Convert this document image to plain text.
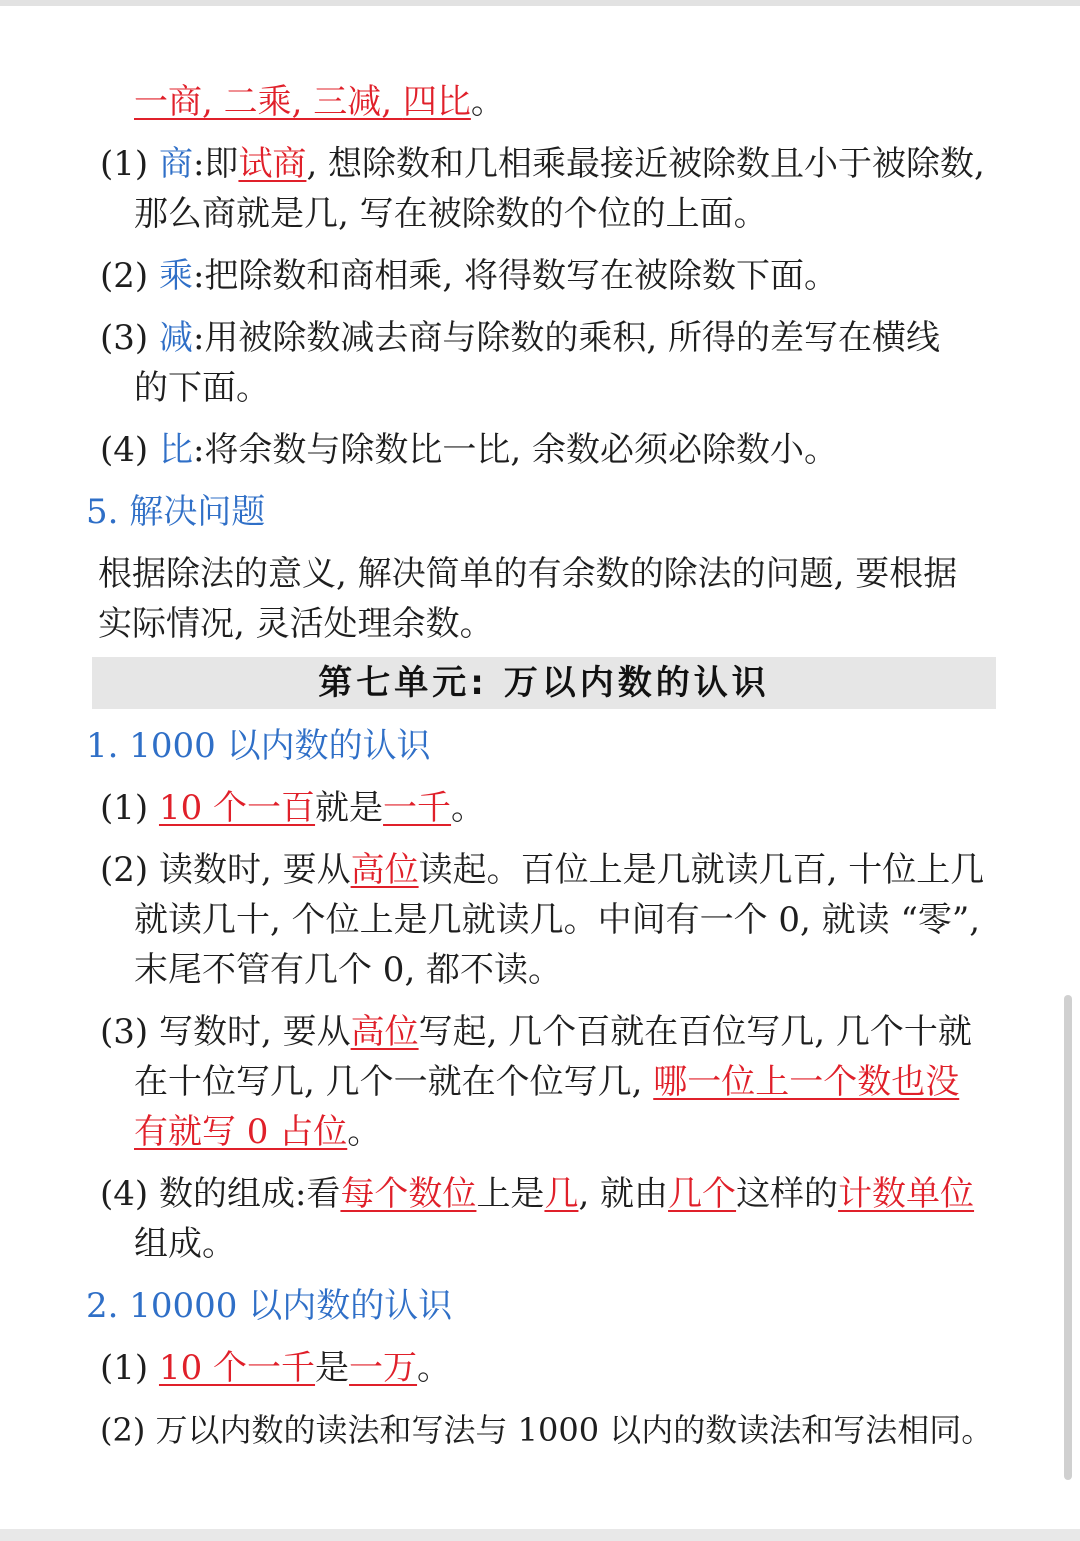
一商, 二乘, 三减, 四比。
(1) 商:即试商, 想除数和几相乘最接近被除数且小于被除数,
那么商就是几, 写在被除数的个位的上面。
(2) 乘:把除数和商相乘, 将得数写在被除数下面。
(3) 减:用被除数减去商与除数的乘积, 所得的差写在横线
的下面。
(4) 比:将余数与除数比一比, 余数必须必除数小。
5. 解决问题
根据除法的意义, 解决简单的有余数的除法的问题, 要根据
实际情况, 灵活处理余数。
第七单元: 万以内数的认识
1. 1000 以内数的认识
(1) 10 个一百就是一千。
(2) 读数时, 要从高位读起。百位上是几就读几百, 十位上几
就读几十, 个位上是几就读几。中间有一个 0, 就读 “零”,
末尾不管有几个 0, 都不读。
(3) 写数时, 要从高位写起, 几个百就在百位写几, 几个十就
在十位写几, 几个一就在个位写几, 哪一位上一个数也没
有就写 0 占位。
(4) 数的组成:看每个数位上是几, 就由几个这样的计数单位
组成。
2. 10000 以内数的认识
(1) 10 个一千是一万。
(2) 万以内数的读法和写法与 1000 以内的数读法和写法相同。
